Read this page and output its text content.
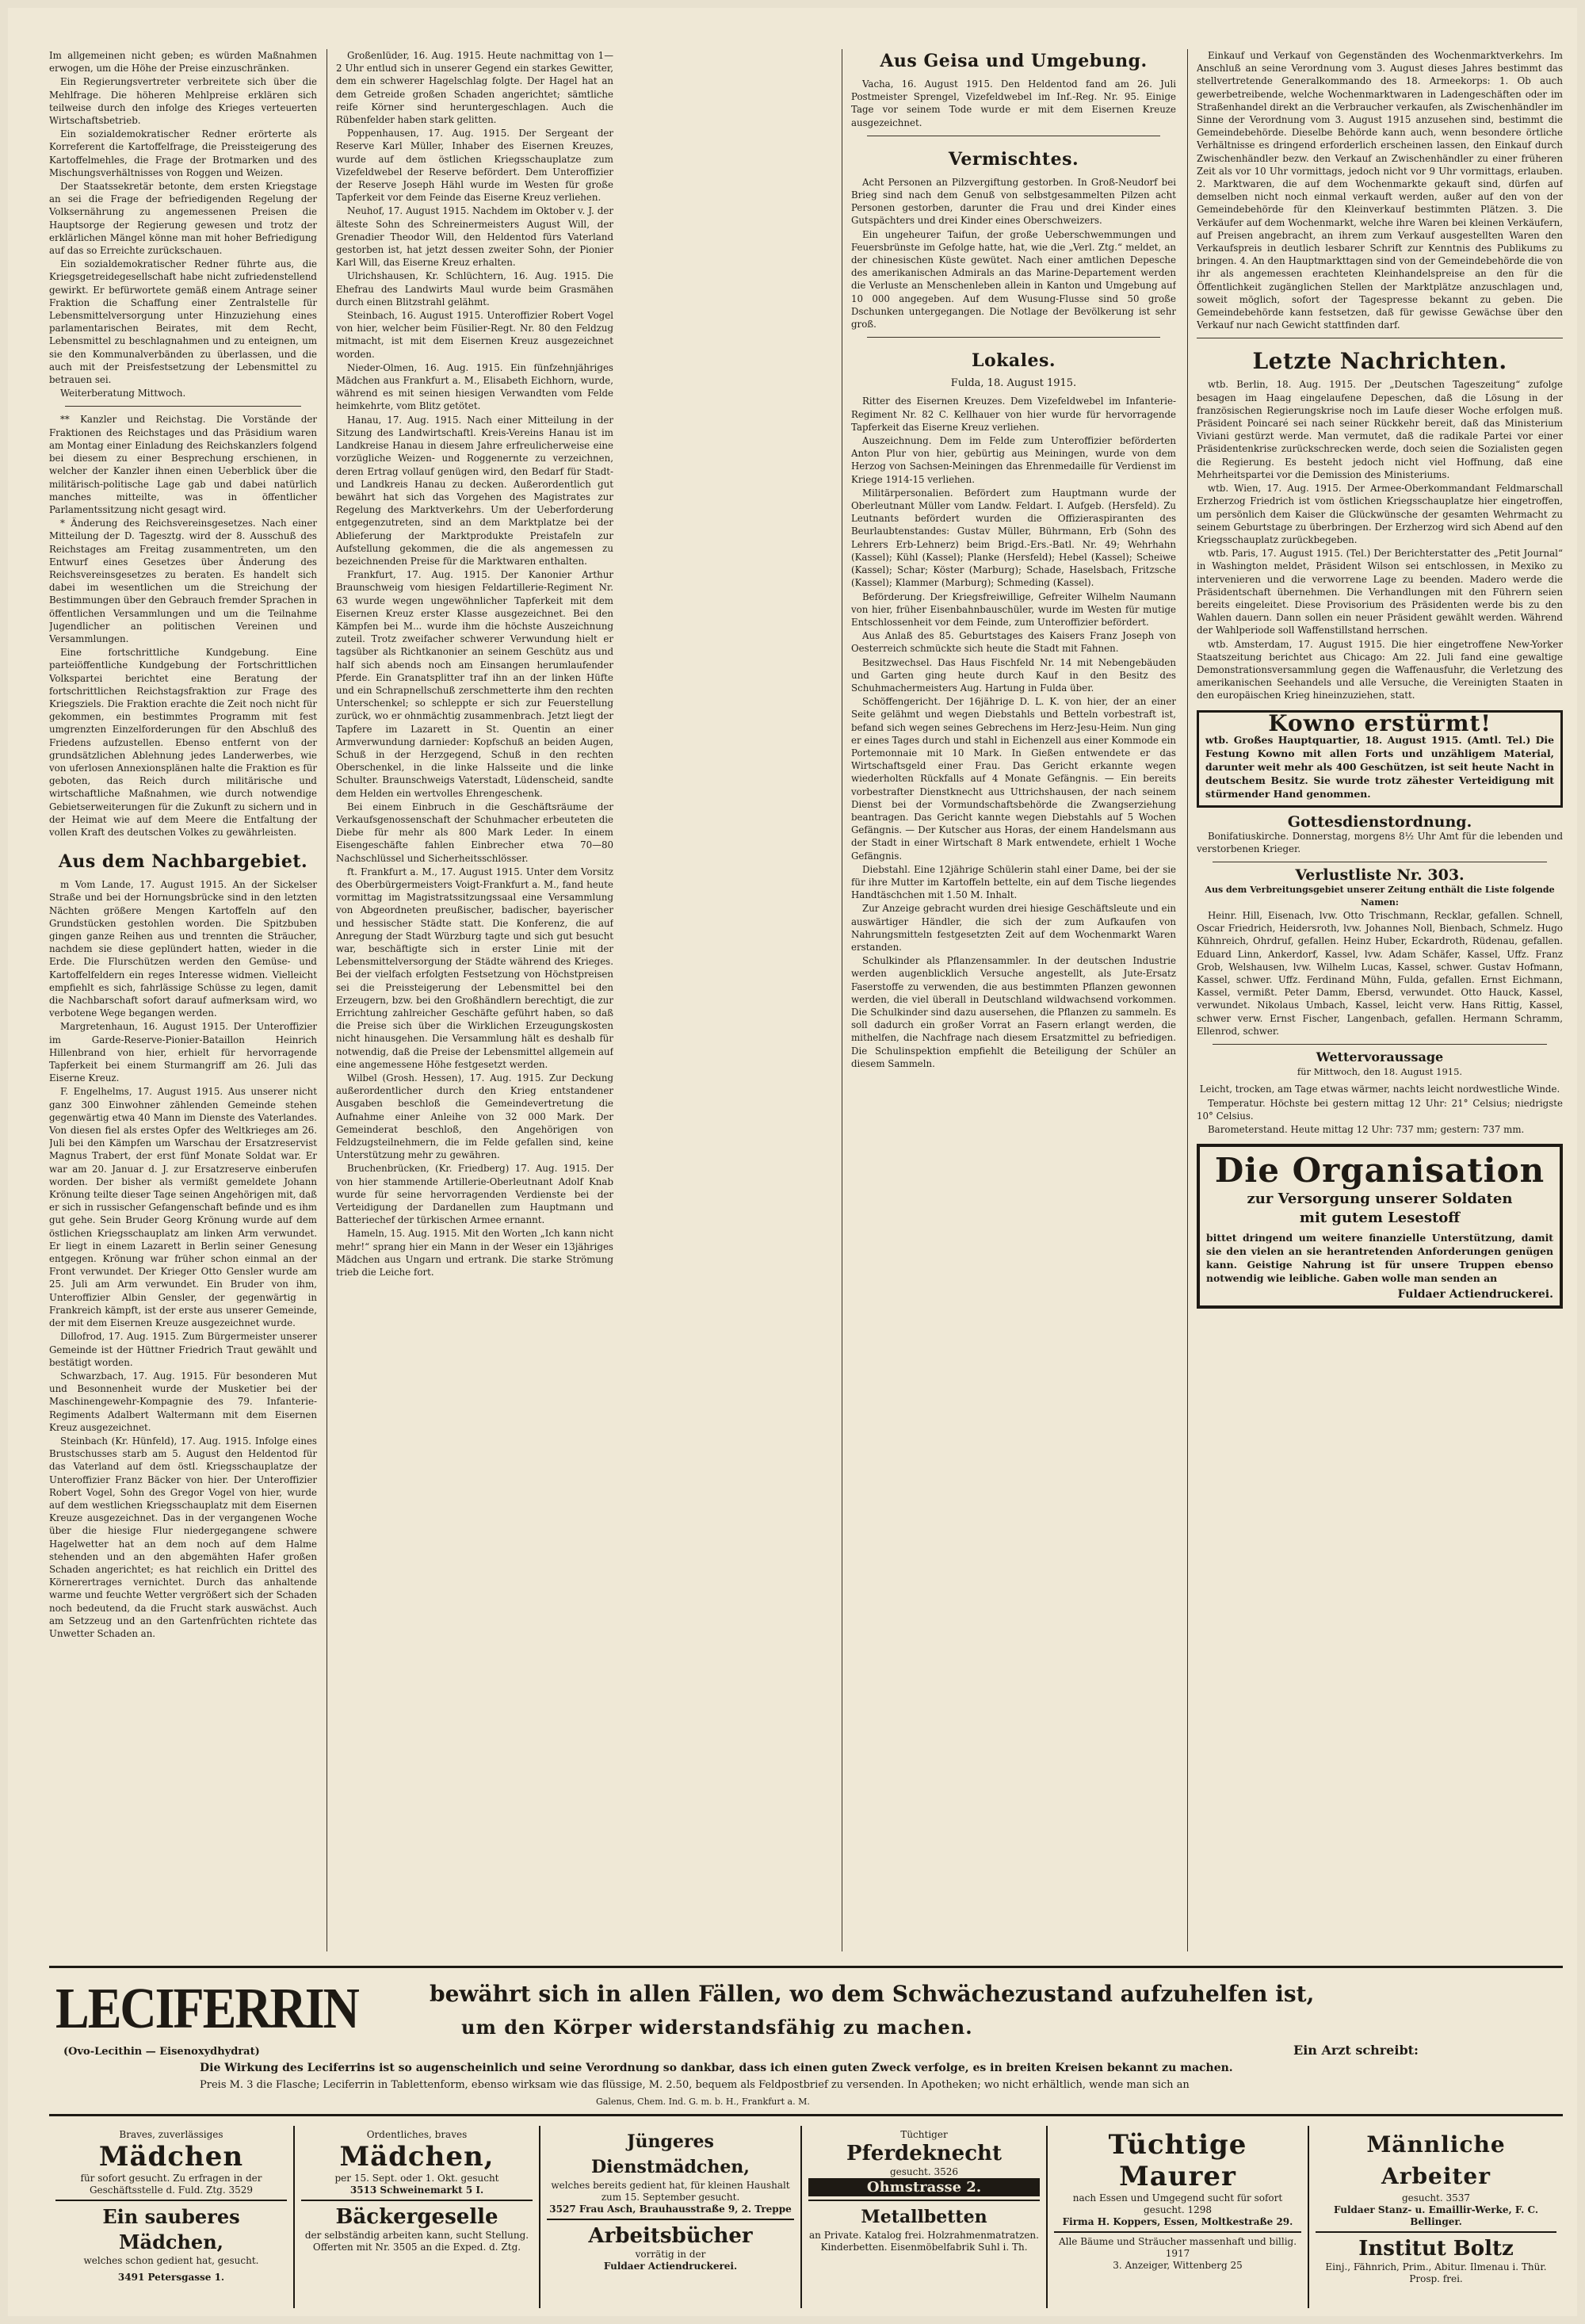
Im allgemeinen nicht geben; es würden Maßnahmen erwogen, um die Höhe der Preise einzuschränken.

Ein Regierungsvertreter verbreitete sich über die Mehlfrage. Die höheren Mehlpreise erklären sich teilweise durch den infolge des Krieges verteuerten Wirtschaftsbetrieb.

Ein sozialdemokratischer Redner erörterte als Korreferent die Kartoffelfrage, die Preissteigerung des Kartoffelmehles, die Frage der Brotmarken und des Mischungsverhältnisses von Roggen und Weizen.

Der Staatssekretär betonte, dem ersten Kriegstage an sei die Frage der befriedigenden Regelung der Volksernährung zu angemessenen Preisen die Hauptsorge der Regierung gewesen und trotz der erklärlichen Mängel könne man mit hoher Befriedigung auf das so Erreichte zurückschauen.

Ein sozialdemokratischer Redner führte aus, die Kriegsgetreidegesellschaft habe nicht zufriedenstellend gewirkt. Er befürwortete gemäß einem Antrage seiner Fraktion die Schaffung einer Zentralstelle für Lebensmittelversorgung unter Hinzuziehung eines parlamentarischen Beirates, mit dem Recht, Lebensmittel zu beschlagnahmen und zu enteignen, um sie den Kommunalverbänden zu überlassen, und die auch mit der Preisfestsetzung der Lebensmittel zu betrauen sei.

Weiterberatung Mittwoch.

** Kanzler und Reichstag. Die Vorstände der Fraktionen des Reichstages und das Präsidium waren am Montag einer Einladung des Reichskanzlers folgend bei diesem zu einer Besprechung erschienen, in welcher der Kanzler ihnen einen Ueberblick über die militärisch-politische Lage gab und dabei natürlich manches mitteilte, was in öffentlicher Parlamentssitzung nicht gesagt wird.

* Änderung des Reichsvereinsgesetzes. Nach einer Mitteilung der D. Tagesztg. wird der 8. Ausschuß des Reichstages am Freitag zusammentreten, um den Entwurf eines Gesetzes über Änderung des Reichsvereinsgesetzes zu beraten. Es handelt sich dabei im wesentlichen um die Streichung der Bestimmungen über den Gebrauch fremder Sprachen in öffentlichen Versammlungen und um die Teilnahme Jugendlicher an politischen Vereinen und Versammlungen.

Eine fortschrittliche Kundgebung. Eine parteiöffentliche Kundgebung der Fortschrittlichen Volkspartei berichtet eine Beratung der fortschrittlichen Reichstagsfraktion zur Frage des Kriegsziels. Die Fraktion erachte die Zeit noch nicht für gekommen, ein bestimmtes Programm mit fest umgrenzten Einzelforderungen für den Abschluß des Friedens aufzustellen. Ebenso entfernt von der grundsätzlichen Ablehnung jedes Landerwerbes, wie von uferlosen Annexionsplänen halte die Fraktion es für geboten, das Reich durch militärische und wirtschaftliche Maßnahmen, wie durch notwendige Gebietserweiterungen für die Zukunft zu sichern und in der Heimat wie auf dem Meere die Entfaltung der vollen Kraft des deutschen Volkes zu gewährleisten.

Aus dem Nachbargebiet.

m Vom Lande, 17. August 1915. An der Sickelser Straße und bei der Hornungsbrücke sind in den letzten Nächten größere Mengen Kartoffeln auf den Grundstücken gestohlen worden. Die Spitzbuben gingen ganze Reihen aus und trennten die Sträucher, nachdem sie diese geplündert hatten, wieder in die Erde. Die Flurschützen werden den Gemüse- und Kartoffelfeldern ein reges Interesse widmen. Vielleicht empfiehlt es sich, fahrlässige Schüsse zu legen, damit die Nachbarschaft sofort darauf aufmerksam wird, wo verbotene Wege begangen werden.

Margretenhaun, 16. August 1915. Der Unteroffizier im Garde-Reserve-Pionier-Bataillon Heinrich Hillenbrand von hier, erhielt für hervorragende Tapferkeit bei einem Sturmangriff am 26. Juli das Eiserne Kreuz.

F. Engelhelms, 17. August 1915. Aus unserer nicht ganz 300 Einwohner zählenden Gemeinde stehen gegenwärtig etwa 40 Mann im Dienste des Vaterlandes. Von diesen fiel als erstes Opfer des Weltkrieges am 26. Juli bei den Kämpfen um Warschau der Ersatzreservist Magnus Trabert, der erst fünf Monate Soldat war. Er war am 20. Januar d. J. zur Ersatzreserve einberufen worden. Der bisher als vermißt gemeldete Johann Krönung teilte dieser Tage seinen Angehörigen mit, daß er sich in russischer Gefangenschaft befinde und es ihm gut gehe. Sein Bruder Georg Krönung wurde auf dem östlichen Kriegsschauplatz am linken Arm verwundet. Er liegt in einem Lazarett in Berlin seiner Genesung entgegen. Krönung war früher schon einmal an der Front verwundet. Der Krieger Otto Gensler wurde am 25. Juli am Arm verwundet. Ein Bruder von ihm, Unteroffizier Albin Gensler, der gegenwärtig in Frankreich kämpft, ist der erste aus unserer Gemeinde, der mit dem Eisernen Kreuze ausgezeichnet wurde.

Dillofrod, 17. Aug. 1915. Zum Bürgermeister unserer Gemeinde ist der Hüttner Friedrich Traut gewählt und bestätigt worden.

Schwarzbach, 17. Aug. 1915. Für besonderen Mut und Besonnenheit wurde der Musketier bei der Maschinengewehr-Kompagnie des 79. Infanterie-Regiments Adalbert Waltermann mit dem Eisernen Kreuz ausgezeichnet.

Steinbach (Kr. Hünfeld), 17. Aug. 1915. Infolge eines Brustschusses starb am 5. August den Heldentod für das Vaterland auf dem östl. Kriegsschauplatze der Unteroffizier Franz Bäcker von hier. Der Unteroffizier Robert Vogel, Sohn des Gregor Vogel von hier, wurde auf dem westlichen Kriegsschauplatz mit dem Eisernen Kreuze ausgezeichnet. Das in der vergangenen Woche über die hiesige Flur niedergegangene schwere Hagelwetter hat an dem noch auf dem Halme stehenden und an den abgemähten Hafer großen Schaden angerichtet; es hat reichlich ein Drittel des Körnerertrages vernichtet. Durch das anhaltende warme und feuchte Wetter vergrößert sich der Schaden noch bedeutend, da die Frucht stark auswächst. Auch am Setzzeug und an den Gartenfrüchten richtete das Unwetter Schaden an.

Großenlüder, 16. Aug. 1915. Heute nachmittag von 1—2 Uhr entlud sich in unserer Gegend ein starkes Gewitter, dem ein schwerer Hagelschlag folgte. Der Hagel hat an dem Getreide großen Schaden angerichtet; sämtliche reife Körner sind heruntergeschlagen. Auch die Rübenfelder haben stark gelitten.

Poppenhausen, 17. Aug. 1915. Der Sergeant der Reserve Karl Müller, Inhaber des Eisernen Kreuzes, wurde auf dem östlichen Kriegsschauplatze zum Vizefeldwebel der Reserve befördert. Dem Unteroffizier der Reserve Joseph Hähl wurde im Westen für große Tapferkeit vor dem Feinde das Eiserne Kreuz verliehen.

Neuhof, 17. August 1915. Nachdem im Oktober v. J. der älteste Sohn des Schreinermeisters August Will, der Grenadier Theodor Will, den Heldentod fürs Vaterland gestorben ist, hat jetzt dessen zweiter Sohn, der Pionier Karl Will, das Eiserne Kreuz erhalten.

Ulrichshausen, Kr. Schlüchtern, 16. Aug. 1915. Die Ehefrau des Landwirts Maul wurde beim Grasmähen durch einen Blitzstrahl gelähmt.

Steinbach, 16. August 1915. Unteroffizier Robert Vogel von hier, welcher beim Füsilier-Regt. Nr. 80 den Feldzug mitmacht, ist mit dem Eisernen Kreuz ausgezeichnet worden.

Nieder-Olmen, 16. Aug. 1915. Ein fünfzehnjähriges Mädchen aus Frankfurt a. M., Elisabeth Eichhorn, wurde, während es mit seinen hiesigen Verwandten vom Felde heimkehrte, vom Blitz getötet.

Hanau, 17. Aug. 1915. Nach einer Mitteilung in der Sitzung des Landwirtschaftl. Kreis-Vereins Hanau ist im Landkreise Hanau in diesem Jahre erfreulicherweise eine vorzügliche Weizen- und Roggenernte zu verzeichnen, deren Ertrag vollauf genügen wird, den Bedarf für Stadt- und Landkreis Hanau zu decken. Außerordentlich gut bewährt hat sich das Vorgehen des Magistrates zur Regelung des Marktverkehrs. Um der Ueberforderung entgegenzutreten, sind an dem Marktplatze bei der Ablieferung der Marktprodukte Preistafeln zur Aufstellung gekommen, die die als angemessen zu bezeichnenden Preise für die Marktwaren enthalten.

Frankfurt, 17. Aug. 1915. Der Kanonier Arthur Braunschweig vom hiesigen Feldartillerie-Regiment Nr. 63 wurde wegen ungewöhnlicher Tapferkeit mit dem Eisernen Kreuz erster Klasse ausgezeichnet. Bei den Kämpfen bei M... wurde ihm die höchste Auszeichnung zuteil. Trotz zweifacher schwerer Verwundung hielt er tagsüber als Richtkanonier an seinem Geschütz aus und half sich abends noch am Einsangen herumlaufender Pferde. Ein Granatsplitter traf ihn an der linken Hüfte und ein Schrapnellschuß zerschmetterte ihm den rechten Unterschenkel; so schleppte er sich zur Feuerstellung zurück, wo er ohnmächtig zusammenbrach. Jetzt liegt der Tapfere im Lazarett in St. Quentin an einer Armverwundung darnieder: Kopfschuß an beiden Augen, Schuß in der Herzgegend, Schuß in den rechten Oberschenkel, in die linke Halsseite und die linke Schulter. Braunschweigs Vaterstadt, Lüdenscheid, sandte dem Helden ein wertvolles Ehrengeschenk.

Bei einem Einbruch in die Geschäftsräume der Verkaufsgenossenschaft der Schuhmacher erbeuteten die Diebe für mehr als 800 Mark Leder. In einem Eisengeschäfte fahlen Einbrecher etwa 70—80 Nachschlüssel und Sicherheitsschlösser.

ft. Frankfurt a. M., 17. August 1915. Unter dem Vorsitz des Oberbürgermeisters Voigt-Frankfurt a. M., fand heute vormittag im Magistratssitzungssaal eine Versammlung von Abgeordneten preußischer, badischer, bayerischer und hessischer Städte statt. Die Konferenz, die auf Anregung der Stadt Würzburg tagte und sich gut besucht war, beschäftigte sich in erster Linie mit der Lebensmittelversorgung der Städte während des Krieges. Bei der vielfach erfolgten Festsetzung von Höchstpreisen sei die Preissteigerung der Lebensmittel bei den Erzeugern, bzw. bei den Großhändlern berechtigt, die zur Errichtung zahlreicher Geschäfte geführt haben, so daß die Preise sich über die Wirklichen Erzeugungskosten nicht hinausgehen. Die Versammlung hält es deshalb für notwendig, daß die Preise der Lebensmittel allgemein auf eine angemessene Höhe festgesetzt werden.

Wilbel (Grosh. Hessen), 17. Aug. 1915. Zur Deckung außerordentlicher durch den Krieg entstandener Ausgaben beschloß die Gemeindevertretung die Aufnahme einer Anleihe von 32 000 Mark. Der Gemeinderat beschloß, den Angehörigen von Feldzugsteilnehmern, die im Felde gefallen sind, keine Unterstützung mehr zu gewähren.

Bruchenbrücken, (Kr. Friedberg) 17. Aug. 1915. Der von hier stammende Artillerie-Oberleutnant Adolf Knab wurde für seine hervorragenden Verdienste bei der Verteidigung der Dardanellen zum Hauptmann und Batteriechef der türkischen Armee ernannt.

Hameln, 15. Aug. 1915. Mit den Worten „Ich kann nicht mehr!“ sprang hier ein Mann in der Weser ein 13jähriges Mädchen aus Ungarn und ertrank. Die starke Strömung trieb die Leiche fort.

Aus Geisa und Umgebung.

Vacha, 16. August 1915. Den Heldentod fand am 26. Juli Postmeister Sprengel, Vizefeldwebel im Inf.-Reg. Nr. 95. Einige Tage vor seinem Tode wurde er mit dem Eisernen Kreuze ausgezeichnet.

Vermischtes.

Acht Personen an Pilzvergiftung gestorben. In Groß-Neudorf bei Brieg sind nach dem Genuß von selbstgesammelten Pilzen acht Personen gestorben, darunter die Frau und drei Kinder eines Gutspächters und drei Kinder eines Oberschweizers.

Ein ungeheurer Taifun, der große Ueberschwemmungen und Feuersbrünste im Gefolge hatte, hat, wie die „Verl. Ztg.“ meldet, an der chinesischen Küste gewütet. Nach einer amtlichen Depesche des amerikanischen Admirals an das Marine-Departement werden die Verluste an Menschenleben allein in Kanton und Umgebung auf 10 000 angegeben. Auf dem Wusung-Flusse sind 50 große Dschunken untergegangen. Die Notlage der Bevölkerung ist sehr groß.

Lokales.
Fulda, 18. August 1915.

Ritter des Eisernen Kreuzes. Dem Vizefeldwebel im Infanterie-Regiment Nr. 82 C. Kellhauer von hier wurde für hervorragende Tapferkeit das Eiserne Kreuz verliehen.

Auszeichnung. Dem im Felde zum Unteroffizier beförderten Anton Plur von hier, gebürtig aus Meiningen, wurde von dem Herzog von Sachsen-Meiningen das Ehrenmedaille für Verdienst im Kriege 1914-15 verliehen.

Militärpersonalien. Befördert zum Hauptmann wurde der Oberleutnant Müller vom Landw. Feldart. I. Aufgeb. (Hersfeld). Zu Leutnants befördert wurden die Offizieraspiranten des Beurlaubtenstandes: Gustav Müller, Bührmann, Erb (Sohn des Lehrers Erb-Lehnerz) beim Brigd.-Ers.-Batl. Nr. 49; Wehrhahn (Kassel); Kühl (Kassel); Planke (Hersfeld); Hebel (Kassel); Scheiwe (Kassel); Schar; Köster (Marburg); Schade, Haselsbach, Fritzsche (Kassel); Klammer (Marburg); Schmeding (Kassel).

Beförderung. Der Kriegsfreiwillige, Gefreiter Wilhelm Naumann von hier, früher Eisenbahnbauschüler, wurde im Westen für mutige Entschlossenheit vor dem Feinde, zum Unteroffizier befördert.

Aus Anlaß des 85. Geburtstages des Kaisers Franz Joseph von Oesterreich schmückte sich heute die Stadt mit Fahnen.

Besitzwechsel. Das Haus Fischfeld Nr. 14 mit Nebengebäuden und Garten ging heute durch Kauf in den Besitz des Schuhmachermeisters Aug. Hartung in Fulda über.

Schöffengericht. Der 16jährige D. L. K. von hier, der an einer Seite gelähmt und wegen Diebstahls und Betteln vorbestraft ist, befand sich wegen seines Gebrechens im Herz-Jesu-Heim. Nun ging er eines Tages durch und stahl in Eichenzell aus einer Kommode ein Portemonnaie mit 10 Mark. In Gießen entwendete er das Wirtschaftsgeld einer Frau. Das Gericht erkannte wegen wiederholten Rückfalls auf 4 Monate Gefängnis. — Ein bereits vorbestrafter Dienstknecht aus Uttrichshausen, der nach seinem Dienst bei der Vormundschaftsbehörde die Zwangserziehung beantragen. Das Gericht kannte wegen Diebstahls auf 5 Wochen Gefängnis. — Der Kutscher aus Horas, der einem Handelsmann aus der Stadt in einer Wirtschaft 8 Mark entwendete, erhielt 1 Woche Gefängnis.

Diebstahl. Eine 12jährige Schülerin stahl einer Dame, bei der sie für ihre Mutter im Kartoffeln bettelte, ein auf dem Tische liegendes Handtäschchen mit 1.50 M. Inhalt.

Zur Anzeige gebracht wurden drei hiesige Geschäftsleute und ein auswärtiger Händler, die sich der zum Aufkaufen von Nahrungsmitteln festgesetzten Zeit auf dem Wochenmarkt Waren erstanden.

Schulkinder als Pflanzensammler. In der deutschen Industrie werden augenblicklich Versuche angestellt, als Jute-Ersatz Faserstoffe zu verwenden, die aus bestimmten Pflanzen gewonnen werden, die viel überall in Deutschland wildwachsend vorkommen. Die Schulkinder sind dazu ausersehen, die Pflanzen zu sammeln. Es soll dadurch ein großer Vorrat an Fasern erlangt werden, die mithelfen, die Nachfrage nach diesem Ersatzmittel zu befriedigen. Die Schulinspektion empfiehlt die Beteiligung der Schüler an diesem Sammeln.

Einkauf und Verkauf von Gegenständen des Wochenmarktverkehrs. Im Anschluß an seine Verordnung vom 3. August dieses Jahres bestimmt das stellvertretende Generalkommando des 18. Armeekorps: 1. Ob auch gewerbetreibende, welche Wochenmarktwaren in Ladengeschäften oder im Straßenhandel direkt an die Verbraucher verkaufen, als Zwischenhändler im Sinne der Verordnung vom 3. August 1915 anzusehen sind, bestimmt die Gemeindebehörde. Dieselbe Behörde kann auch, wenn besondere örtliche Verhältnisse es dringend erforderlich erscheinen lassen, den Einkauf durch Zwischenhändler bezw. den Verkauf an Zwischenhändler zu einer früheren Zeit als vor 10 Uhr vormittags, jedoch nicht vor 9 Uhr vormittags, erlauben. 2. Marktwaren, die auf dem Wochenmarkte gekauft sind, dürfen auf demselben nicht noch einmal verkauft werden, außer auf den von der Gemeindebehörde für den Kleinverkauf bestimmten Plätzen. 3. Die Verkäufer auf dem Wochenmarkt, welche ihre Waren bei kleinen Verkäufern, auf Preisen angebracht, an ihrem zum Verkauf ausgestellten Waren den Verkaufspreis in deutlich lesbarer Schrift zur Kenntnis des Publikums zu bringen. 4. An den Hauptmarkttagen sind von der Gemeindebehörde die von ihr als angemessen erachteten Kleinhandelspreise an den für die Öffentlichkeit zugänglichen Stellen der Marktplätze anzuschlagen und, soweit möglich, sofort der Tagespresse bekannt zu geben. Die Gemeindebehörde kann festsetzen, daß für gewisse Gewächse über den Verkauf nur nach Gewicht stattfinden darf.

Letzte Nachrichten.

wtb. Berlin, 18. Aug. 1915. Der „Deutschen Tageszeitung“ zufolge besagen im Haag eingelaufene Depeschen, daß die Lösung in der französischen Regierungskrise noch im Laufe dieser Woche erfolgen muß. Präsident Poincaré sei nach seiner Rückkehr bereit, daß das Ministerium Viviani gestürzt werde. Man vermutet, daß die radikale Partei vor einer Präsidentenkrise zurückschrecken werde, doch seien die Sozialisten gegen die Regierung. Es besteht jedoch nicht viel Hoffnung, daß eine Mehrheitspartei vor die Demission des Ministeriums.

wtb. Wien, 17. Aug. 1915. Der Armee-Oberkommandant Feldmarschall Erzherzog Friedrich ist vom östlichen Kriegsschauplatze hier eingetroffen, um persönlich dem Kaiser die Glückwünsche der gesamten Wehrmacht zu seinem Geburtstage zu überbringen. Der Erzherzog wird sich Abend auf den Kriegsschauplatz zurückbegeben.

wtb. Paris, 17. August 1915. (Tel.) Der Berichterstatter des „Petit Journal“ in Washington meldet, Präsident Wilson sei entschlossen, in Mexiko zu intervenieren und die verworrene Lage zu beenden. Madero werde die Präsidentschaft übernehmen. Die Verhandlungen mit den Führern seien bereits eingeleitet. Diese Provisorium des Präsidenten werde bis zu den Wahlen dauern. Dann sollen ein neuer Präsident gewählt werden. Während der Wahlperiode soll Waffenstillstand herrschen.

wtb. Amsterdam, 17. August 1915. Die hier eingetroffene New-Yorker Staatszeitung berichtet aus Chicago: Am 22. Juli fand eine gewaltige Demonstrationsversammlung gegen die Waffenausfuhr, die Verletzung des amerikanischen Seehandels und alle Versuche, die Vereinigten Staaten in den europäischen Krieg hineinzuziehen, statt.

Kowno erstürmt!
wtb. Großes Hauptquartier, 18. August 1915. (Amtl. Tel.) Die Festung Kowno mit allen Forts und unzähligem Material, darunter weit mehr als 400 Geschützen, ist seit heute Nacht in deutschem Besitz. Sie wurde trotz zähester Verteidigung mit stürmender Hand genommen.
Gottesdienstordnung.

Bonifatiuskirche. Donnerstag, morgens 8½ Uhr Amt für die lebenden und verstorbenen Krieger.

Verlustliste Nr. 303.
Aus dem Verbreitungsgebiet unserer Zeitung enthält die Liste folgende Namen:

Heinr. Hill, Eisenach, lvw. Otto Trischmann, Recklar, gefallen. Schnell, Oscar Friedrich, Heidersroth, lvw. Johannes Noll, Bienbach, Schmelz. Hugo Kühnreich, Ohrdruf, gefallen. Heinz Huber, Eckardroth, Rüdenau, gefallen. Eduard Linn, Ankerdorf, Kassel, lvw. Adam Schäfer, Kassel, Uffz. Franz Grob, Welshausen, lvw. Wilhelm Lucas, Kassel, schwer. Gustav Hofmann, Kassel, schwer. Uffz. Ferdinand Mühn, Fulda, gefallen. Ernst Eichmann, Kassel, vermißt. Peter Damm, Ebersd, verwundet. Otto Hauck, Kassel, verwundet. Nikolaus Umbach, Kassel, leicht verw. Hans Rittig, Kassel, schwer verw. Ernst Fischer, Langenbach, gefallen. Hermann Schramm, Ellenrod, schwer.

Wettervoraussage
für Mittwoch, den 18. August 1915.

Leicht, trocken, am Tage etwas wärmer, nachts leicht nordwestliche Winde.

Temperatur. Höchste bei gestern mittag 12 Uhr: 21° Celsius; niedrigste 10° Celsius.

Barometerstand. Heute mittag 12 Uhr: 737 mm; gestern: 737 mm.

Die Organisation
zur Versorgung unserer Soldaten
mit gutem Lesestoff
bittet dringend um weitere finanzielle Unterstützung, damit sie den vielen an sie herantretenden Anforderungen genügen kann. Geistige Nahrung ist für unsere Truppen ebenso notwendig wie leibliche. Gaben wolle man senden an
Fuldaer Actiendruckerei.
LECIFERRIN
(Ovo-Lecithin — Eisenoxydhydrat)
bewährt sich in allen Fällen, wo dem Schwächezustand aufzuhelfen ist,
um den Körper widerstandsfähig zu machen.
Ein Arzt schreibt:
Die Wirkung des Leciferrins ist so augenscheinlich und seine Verordnung so dankbar, dass ich einen guten Zweck verfolge, es in breiten Kreisen bekannt zu machen.
Preis M. 3 die Flasche; Leciferrin in Tablettenform, ebenso wirksam wie das flüssige, M. 2.50, bequem als Feldpostbrief zu versenden. In Apotheken; wo nicht erhältlich, wende man sich an
Galenus, Chem. Ind. G. m. b. H., Frankfurt a. M.
Braves, zuverlässiges
Mädchen
für sofort gesucht. Zu erfragen in der Geschäftsstelle d. Fuld. Ztg. 3529
Ein sauberes Mädchen,
welches schon gedient hat, gesucht.
3491 Petersgasse 1.
Ordentliches, braves
Mädchen,
per 15. Sept. oder 1. Okt. gesucht
3513 Schweinemarkt 5 I.
Bäckergeselle
der selbständig arbeiten kann, sucht Stellung. Offerten mit Nr. 3505 an die Exped. d. Ztg.
Jüngeres Dienstmädchen,
welches bereits gedient hat, für kleinen Haushalt zum 15. September gesucht.
3527 Frau Asch, Brauhausstraße 9, 2. Treppe
Arbeitsbücher
vorrätig in der
Fuldaer Actiendruckerei.
Tüchtiger
Pferdeknecht
gesucht. 3526
Ohmstrasse 2.
Metallbetten
an Private. Katalog frei. Holzrahmenmatratzen. Kinderbetten. Eisenmöbelfabrik Suhl i. Th.
Tüchtige Maurer
nach Essen und Umgegend sucht für sofort gesucht. 1298
Firma H. Koppers, Essen, Moltkestraße 29.
Alle Bäume und Sträucher massenhaft und billig. 1917
3. Anzeiger, Wittenberg 25
Männliche Arbeiter
gesucht. 3537
Fuldaer Stanz- u. Emaillir-Werke, F. C. Bellinger.
Institut Boltz
Einj., Fähnrich, Prim., Abitur. Ilmenau i. Thür. Prosp. frei.
